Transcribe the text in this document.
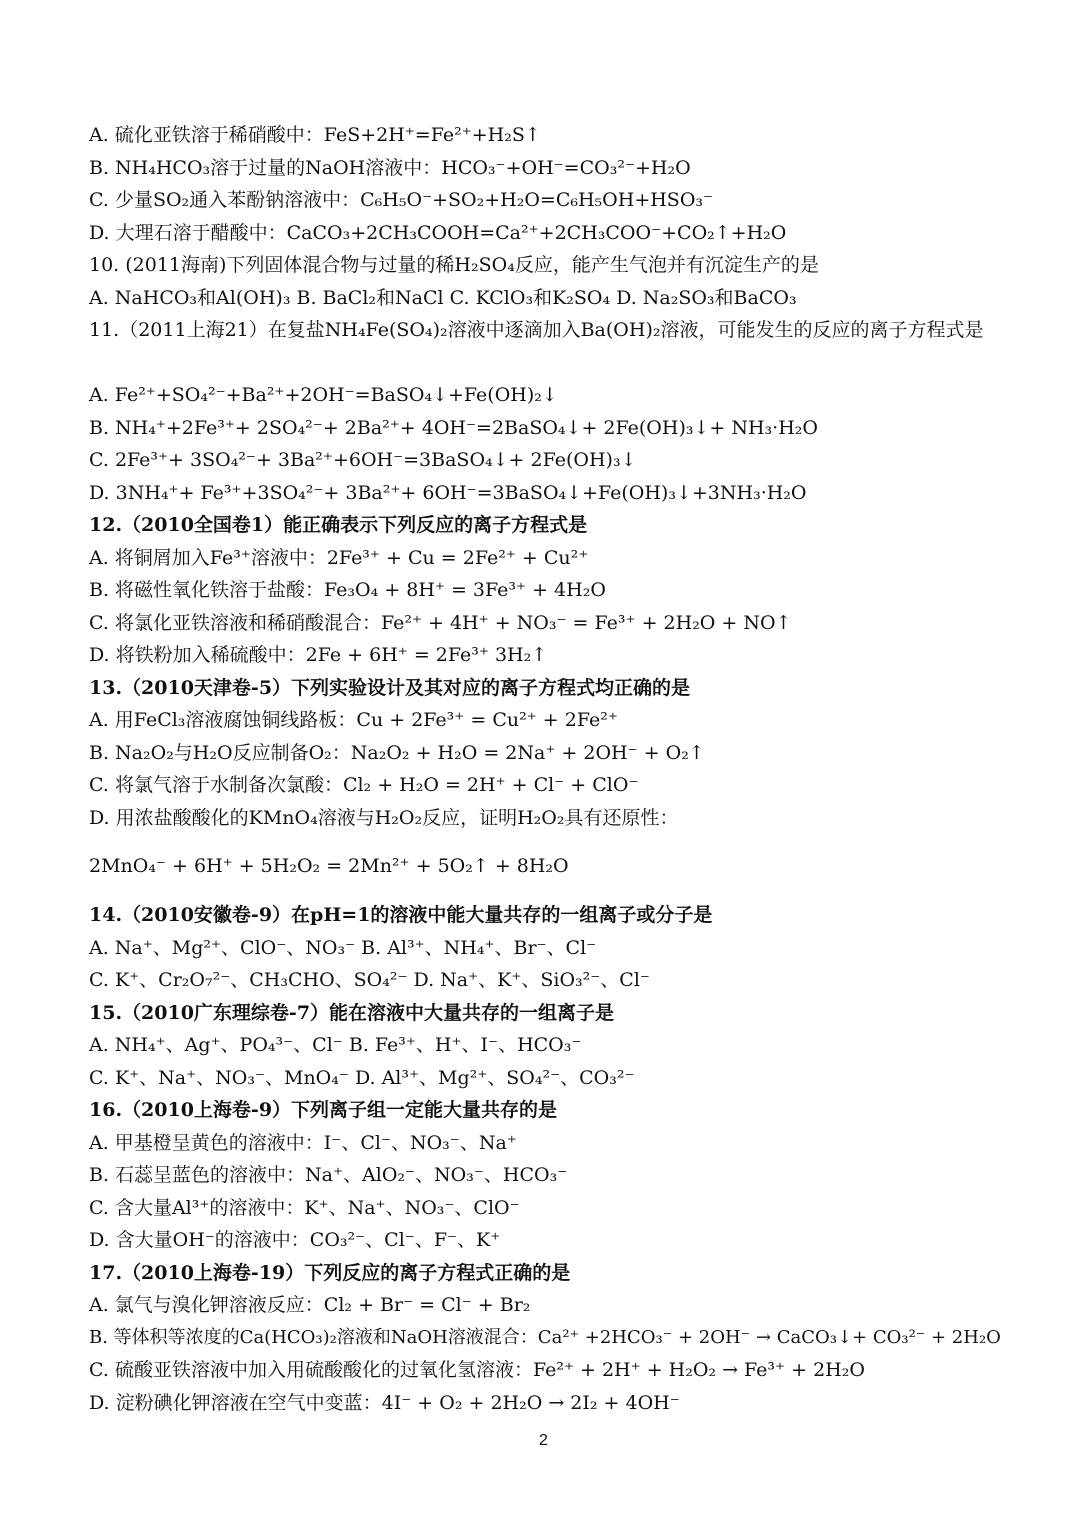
A. 硫化亚铁溶于稀硝酸中：FeS+2H⁺=Fe²⁺+H₂S↑
B. NH₄HCO₃溶于过量的NaOH溶液中：HCO₃⁻+OH⁻=CO₃²⁻+H₂O
C. 少量SO₂通入苯酚钠溶液中：C₆H₅O⁻+SO₂+H₂O=C₆H₅OH+HSO₃⁻
D. 大理石溶于醋酸中：CaCO₃+2CH₃COOH=Ca²⁺+2CH₃COO⁻+CO₂↑+H₂O
10. (2011海南)下列固体混合物与过量的稀H₂SO₄反应，能产生气泡并有沉淀生产的是
A. NaHCO₃和Al(OH)₃ B. BaCl₂和NaCl C. KClO₃和K₂SO₄ D. Na₂SO₃和BaCO₃
11.（2011上海21）在复盐NH₄Fe(SO₄)₂溶液中逐滴加入Ba(OH)₂溶液，可能发生的反应的离子方程式是
A. Fe²⁺+SO₄²⁻+Ba²⁺+2OH⁻=BaSO₄↓+Fe(OH)₂↓
B. NH₄⁺+2Fe³⁺+ 2SO₄²⁻+ 2Ba²⁺+ 4OH⁻=2BaSO₄↓+ 2Fe(OH)₃↓+ NH₃·H₂O
C. 2Fe³⁺+ 3SO₄²⁻+ 3Ba²⁺+6OH⁻=3BaSO₄↓+ 2Fe(OH)₃↓
D. 3NH₄⁺+ Fe³⁺+3SO₄²⁻+ 3Ba²⁺+ 6OH⁻=3BaSO₄↓+Fe(OH)₃↓+3NH₃·H₂O
12.（2010全国卷1）能正确表示下列反应的离子方程式是
A. 将铜屑加入Fe³⁺溶液中：2Fe³⁺ + Cu = 2Fe²⁺ + Cu²⁺
B. 将磁性氧化铁溶于盐酸：Fe₃O₄ + 8H⁺ = 3Fe³⁺ + 4H₂O
C. 将氯化亚铁溶液和稀硝酸混合：Fe²⁺ + 4H⁺ + NO₃⁻ = Fe³⁺ + 2H₂O + NO↑
D. 将铁粉加入稀硫酸中：2Fe + 6H⁺ = 2Fe³⁺ 3H₂↑
13.（2010天津卷-5）下列实验设计及其对应的离子方程式均正确的是
A. 用FeCl₃溶液腐蚀铜线路板：Cu + 2Fe³⁺ = Cu²⁺ + 2Fe²⁺
B. Na₂O₂与H₂O反应制备O₂：Na₂O₂ + H₂O = 2Na⁺ + 2OH⁻ + O₂↑
C. 将氯气溶于水制备次氯酸：Cl₂ + H₂O = 2H⁺ + Cl⁻ + ClO⁻
D. 用浓盐酸酸化的KMnO₄溶液与H₂O₂反应，证明H₂O₂具有还原性：
2MnO₄⁻ + 6H⁺ + 5H₂O₂ = 2Mn²⁺ + 5O₂↑ + 8H₂O
14.（2010安徽卷-9）在pH=1的溶液中能大量共存的一组离子或分子是
A. Na⁺、Mg²⁺、ClO⁻、NO₃⁻ B. Al³⁺、NH₄⁺、Br⁻、Cl⁻
C. K⁺、Cr₂O₇²⁻、CH₃CHO、SO₄²⁻ D. Na⁺、K⁺、SiO₃²⁻、Cl⁻
15.（2010广东理综卷-7）能在溶液中大量共存的一组离子是
A. NH₄⁺、Ag⁺、PO₄³⁻、Cl⁻ B. Fe³⁺、H⁺、I⁻、HCO₃⁻
C. K⁺、Na⁺、NO₃⁻、MnO₄⁻ D. Al³⁺、Mg²⁺、SO₄²⁻、CO₃²⁻
16.（2010上海卷-9）下列离子组一定能大量共存的是
A. 甲基橙呈黄色的溶液中：I⁻、Cl⁻、NO₃⁻、Na⁺
B. 石蕊呈蓝色的溶液中：Na⁺、AlO₂⁻、NO₃⁻、HCO₃⁻
C. 含大量Al³⁺的溶液中：K⁺、Na⁺、NO₃⁻、ClO⁻
D. 含大量OH⁻的溶液中：CO₃²⁻、Cl⁻、F⁻、K⁺
17.（2010上海卷-19）下列反应的离子方程式正确的是
A. 氯气与溴化钾溶液反应：Cl₂ + Br⁻ = Cl⁻ + Br₂
B. 等体积等浓度的Ca(HCO₃)₂溶液和NaOH溶液混合：Ca²⁺ +2HCO₃⁻ + 2OH⁻ → CaCO₃↓+ CO₃²⁻ + 2H₂O
C. 硫酸亚铁溶液中加入用硫酸酸化的过氧化氢溶液：Fe²⁺ + 2H⁺ + H₂O₂ → Fe³⁺ + 2H₂O
D. 淀粉碘化钾溶液在空气中变蓝：4I⁻ + O₂ + 2H₂O → 2I₂ + 4OH⁻
2
